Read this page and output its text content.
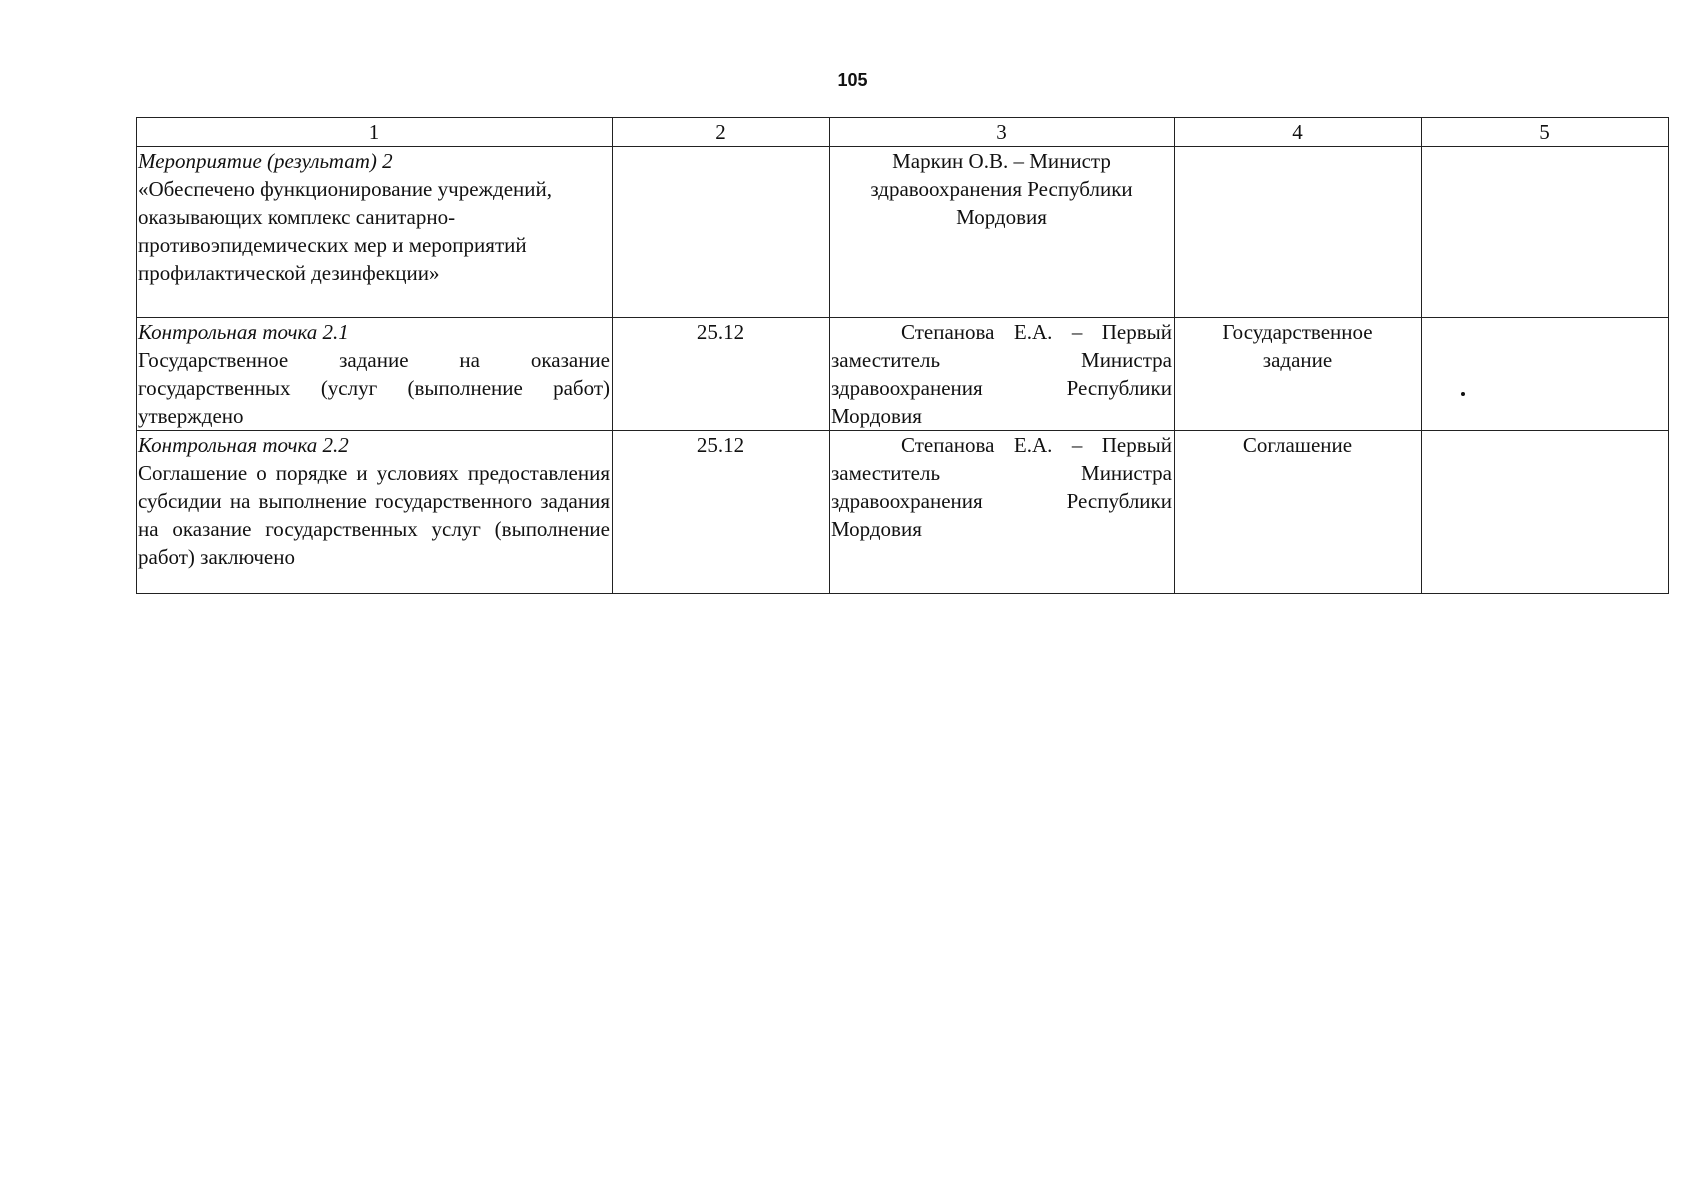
105
1	2	3	4	5

Мероприятие (результат) 2
«Обеспечено функционирование учреждений, оказывающих комплекс санитарно-противоэпидемических мер и мероприятий профилактической дезинфекции»		Маркин О.В. – Министр здравоохранения Республики Мордовия		

Контрольная точка 2.1
Государственное задание на оказание государственных (услуг (выполнение работ) утверждено	25.12	Степанова Е.А. – Первый заместитель Министра здравоохранения Республики Мордовия	Государственное задание	

Контрольная точка 2.2
Соглашение о порядке и условиях предоставления субсидии на выполнение государственного задания на оказание государственных услуг (выполнение работ) заключено	25.12	Степанова Е.А. – Первый заместитель Министра здравоохранения Республики Мордовия	Соглашение	
